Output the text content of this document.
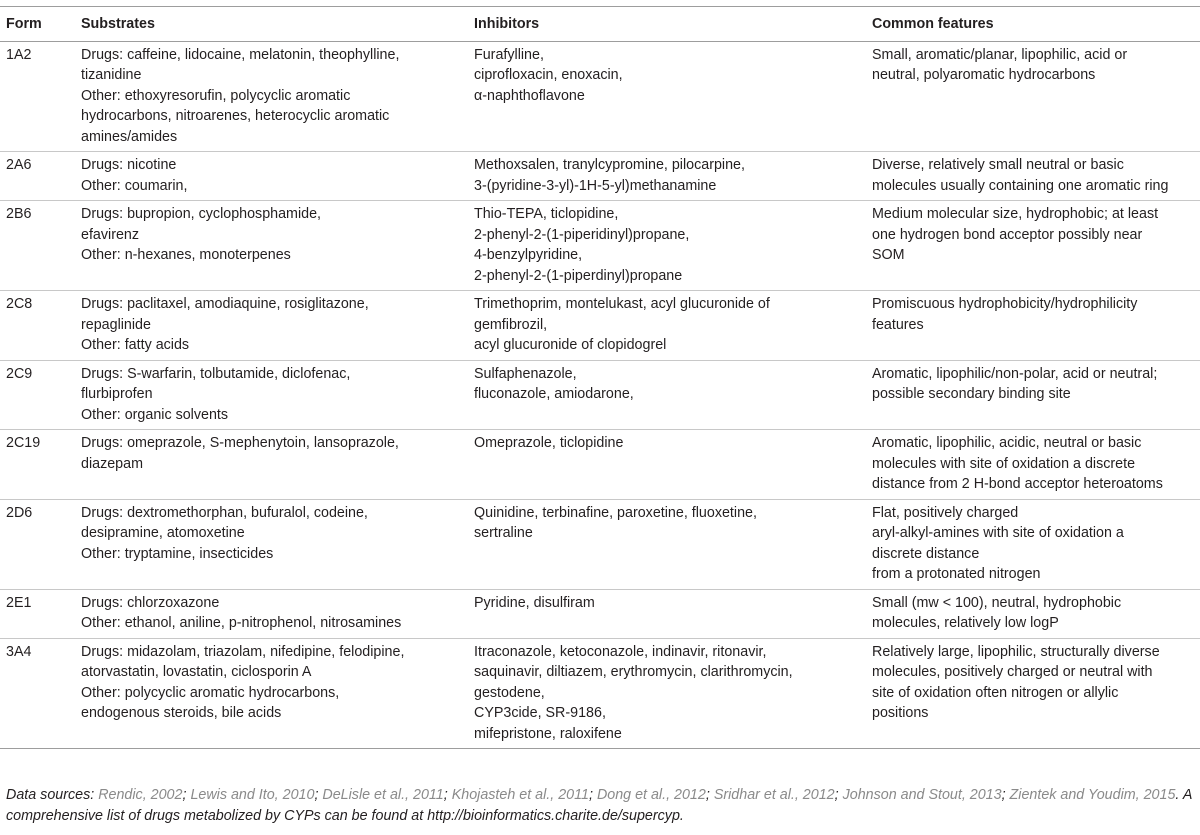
Form	Substrates	Inhibitors	Common features
1A2	Drugs: caffeine, lidocaine, melatonin, theophylline,
tizanidine
Other: ethoxyresorufin, polycyclic aromatic
hydrocarbons, nitroarenes, heterocyclic aromatic
amines/amides	Furafylline,
ciprofloxacin, enoxacin,
α-naphthoflavone	Small, aromatic/planar, lipophilic, acid or
neutral, polyaromatic hydrocarbons

2A6	Drugs: nicotine
Other: coumarin,	Methoxsalen, tranylcypromine, pilocarpine,
3-(pyridine-3-yl)-1H-5-yl)methanamine	Diverse, relatively small neutral or basic
molecules usually containing one aromatic ring

2B6	Drugs: bupropion, cyclophosphamide,
efavirenz
Other: n-hexanes, monoterpenes	Thio-TEPA, ticlopidine,
2-phenyl-2-(1-piperidinyl)propane,
4-benzylpyridine,
2-phenyl-2-(1-piperdinyl)propane	Medium molecular size, hydrophobic; at least
one hydrogen bond acceptor possibly near
SOM

2C8	Drugs: paclitaxel, amodiaquine, rosiglitazone,
repaglinide
Other: fatty acids	Trimethoprim, montelukast, acyl glucuronide of
gemfibrozil,
acyl glucuronide of clopidogrel	Promiscuous hydrophobicity/hydrophilicity
features

2C9	Drugs: S-warfarin, tolbutamide, diclofenac,
flurbiprofen
Other: organic solvents	Sulfaphenazole,
fluconazole, amiodarone,	Aromatic, lipophilic/non-polar, acid or neutral;
possible secondary binding site

2C19	Drugs: omeprazole, S-mephenytoin, lansoprazole,
diazepam	Omeprazole, ticlopidine	Aromatic, lipophilic, acidic, neutral or basic
molecules with site of oxidation a discrete
distance from 2 H-bond acceptor heteroatoms

2D6	Drugs: dextromethorphan, bufuralol, codeine,
desipramine, atomoxetine
Other: tryptamine, insecticides	Quinidine, terbinafine, paroxetine, fluoxetine,
sertraline	Flat, positively charged
aryl-alkyl-amines with site of oxidation a
discrete distance
from a protonated nitrogen

2E1	Drugs: chlorzoxazone
Other: ethanol, aniline, p-nitrophenol, nitrosamines	Pyridine, disulfiram	Small (mw < 100), neutral, hydrophobic
molecules, relatively low logP

3A4	Drugs: midazolam, triazolam, nifedipine, felodipine,
atorvastatin, lovastatin, ciclosporin A
Other: polycyclic aromatic hydrocarbons,
endogenous steroids, bile acids	Itraconazole, ketoconazole, indinavir, ritonavir,
saquinavir, diltiazem, erythromycin, clarithromycin,
gestodene,
CYP3cide, SR-9186,
mifepristone, raloxifene	Relatively large, lipophilic, structurally diverse
molecules, positively charged or neutral with
site of oxidation often nitrogen or allylic
positions
Data sources: Rendic, 2002; Lewis and Ito, 2010; DeLisle et al., 2011; Khojasteh et al., 2011; Dong et al., 2012; Sridhar et al., 2012; Johnson and Stout, 2013; Zientek and Youdim, 2015. A comprehensive list of drugs metabolized by CYPs can be found at http://bioinformatics.charite.de/supercyp.
